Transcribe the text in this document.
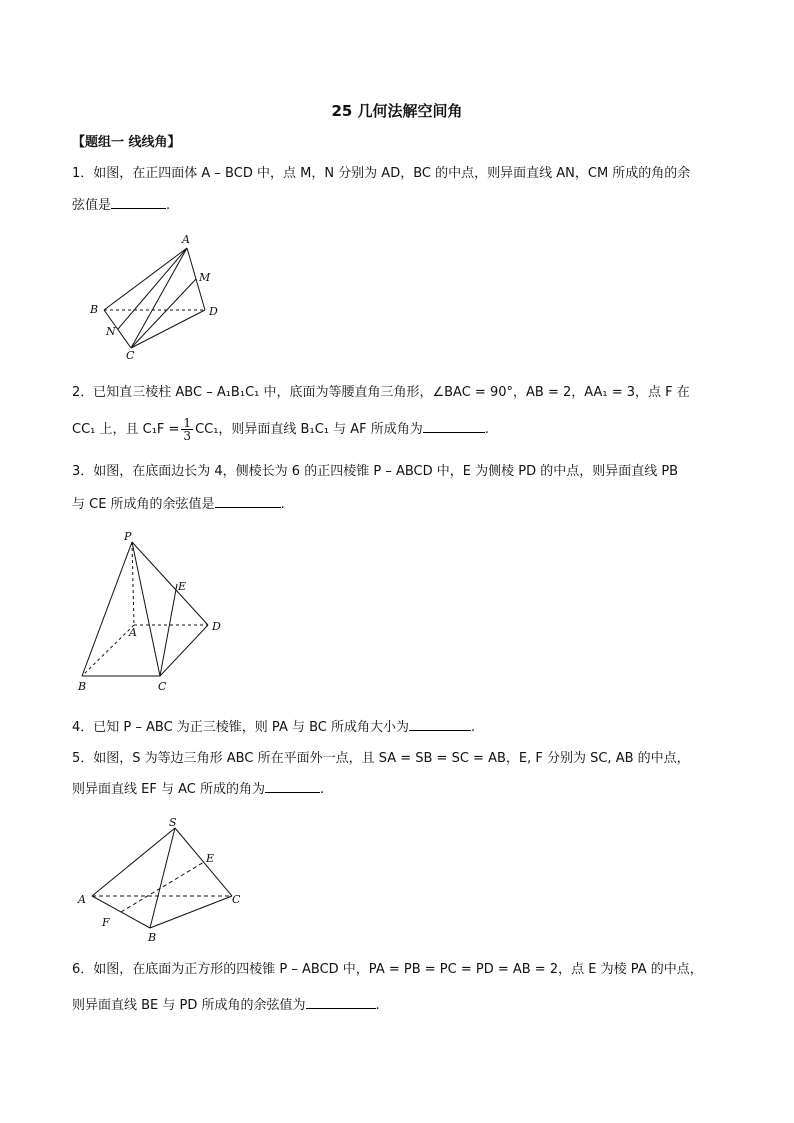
25 几何法解空间角
【题组一 线线角】
1．如图，在正四面体 A – BCD 中，点 M，N 分别为 AD，BC 的中点，则异面直线 AN，CM 所成的角的余
弦值是	.
A
M
B	D
N
C
2．已知直三棱柱 ABC – A₁B₁C₁ 中，底面为等腰直角三角形，∠BAC = 90°，AB = 2，AA₁ = 3，点 F 在
CC₁ 上，且 $C_1F = \frac{1}{3} CC_1$，则异面直线 B₁C₁ 与 AF 所成角为	.
3．如图，在底面边长为 4，侧棱长为 6 的正四棱锥 P – ABCD 中，E 为侧棱 PD 的中点，则异面直线 PB
与 CE 所成角的余弦值是	.
P
E
A	D
B	C
4．已知 P – ABC 为正三棱锥，则 PA 与 BC 所成角大小为	.
5．如图，S 为等边三角形 ABC 所在平面外一点，且 SA = SB = SC = AB，E, F 分别为 SC, AB 的中点，
则异面直线 EF 与 AC 所成的角为	.
S
E
A	C
F
B
6．如图，在底面为正方形的四棱锥 P – ABCD 中，PA = PB = PC = PD = AB = 2，点 E 为棱 PA 的中点，
则异面直线 BE 与 PD 所成角的余弦值为	.
